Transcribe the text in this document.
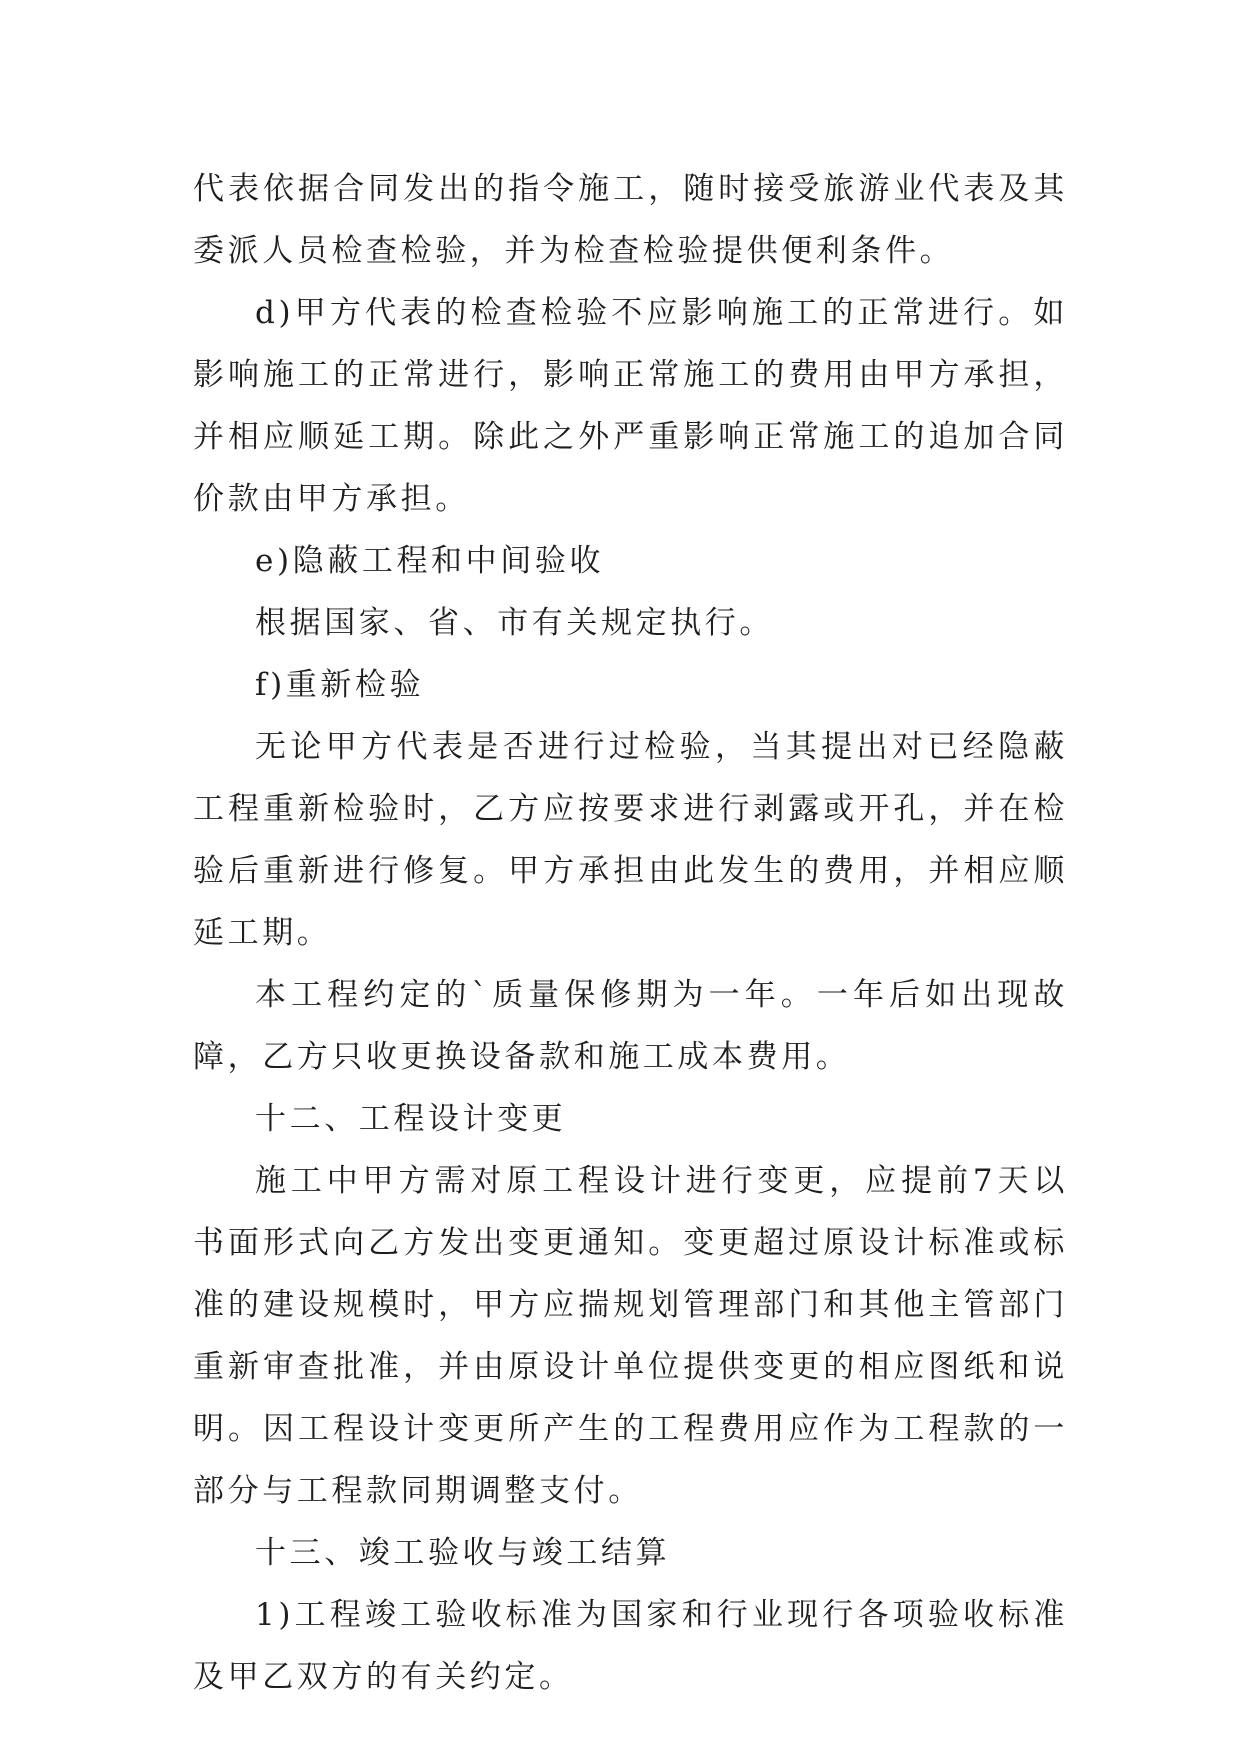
代表依据合同发出的指令施工，随时接受旅游业代表及其委派人员检查检验，并为检查检验提供便利条件。

d)甲方代表的检查检验不应影响施工的正常进行。如影响施工的正常进行，影响正常施工的费用由甲方承担，并相应顺延工期。除此之外严重影响正常施工的追加合同价款由甲方承担。

e)隐蔽工程和中间验收

根据国家、省、市有关规定执行。

f)重新检验

无论甲方代表是否进行过检验，当其提出对已经隐蔽工程重新检验时，乙方应按要求进行剥露或开孔，并在检验后重新进行修复。甲方承担由此发生的费用，并相应顺延工期。

本工程约定的`质量保修期为一年。一年后如出现故障，乙方只收更换设备款和施工成本费用。

十二、工程设计变更

施工中甲方需对原工程设计进行变更，应提前7天以书面形式向乙方发出变更通知。变更超过原设计标准或标准的建设规模时，甲方应揣规划管理部门和其他主管部门重新审查批准，并由原设计单位提供变更的相应图纸和说明。因工程设计变更所产生的工程费用应作为工程款的一部分与工程款同期调整支付。

十三、竣工验收与竣工结算

1)工程竣工验收标准为国家和行业现行各项验收标准及甲乙双方的有关约定。
